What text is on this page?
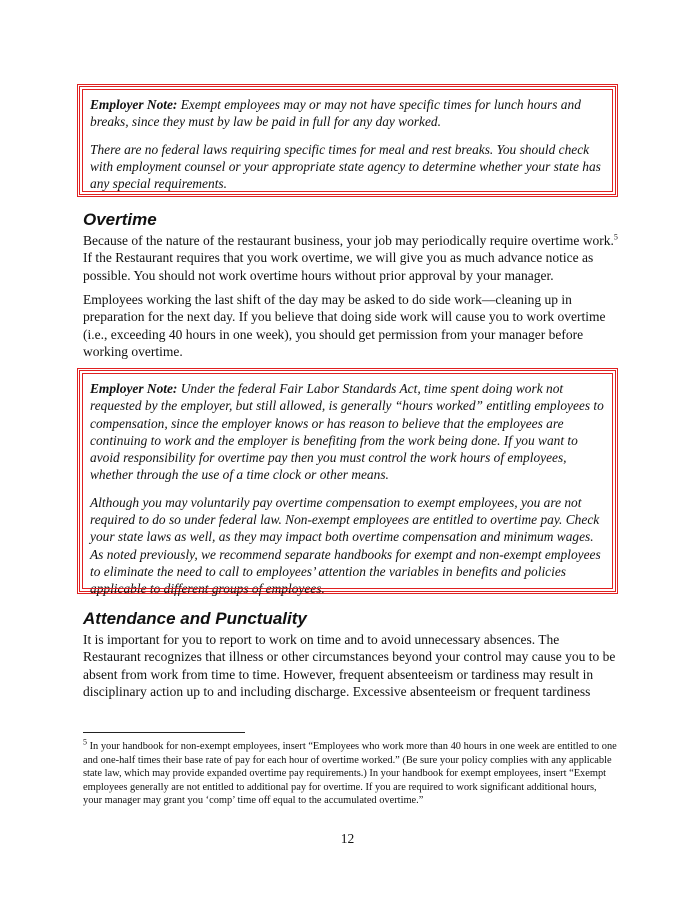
Employer Note: Exempt employees may or may not have specific times for lunch hours and breaks, since they must by law be paid in full for any day worked.

There are no federal laws requiring specific times for meal and rest breaks. You should check with employment counsel or your appropriate state agency to determine whether your state has any special requirements.

Overtime

Because of the nature of the restaurant business, your job may periodically require overtime work.$^5$ If the Restaurant requires that you work overtime, we will give you as much advance notice as possible. You should not work overtime hours without prior approval by your manager.

Employees working the last shift of the day may be asked to do side work—cleaning up in preparation for the next day. If you believe that doing side work will cause you to work overtime (i.e., exceeding 40 hours in one week), you should get permission from your manager before working overtime.

Employer Note: Under the federal Fair Labor Standards Act, time spent doing work not requested by the employer, but still allowed, is generally “hours worked” entitling employees to compensation, since the employer knows or has reason to believe that the employees are continuing to work and the employer is benefiting from the work being done. If you want to avoid responsibility for overtime pay then you must control the work hours of employees, whether through the use of a time clock or other means.

Although you may voluntarily pay overtime compensation to exempt employees, you are not required to do so under federal law. Non-exempt employees are entitled to overtime pay. Check your state laws as well, as they may impact both overtime compensation and minimum wages. As noted previously, we recommend separate handbooks for exempt and non-exempt employees to eliminate the need to call to employees’ attention the variables in benefits and policies applicable to different groups of employees.

Attendance and Punctuality

It is important for you to report to work on time and to avoid unnecessary absences. The Restaurant recognizes that illness or other circumstances beyond your control may cause you to be absent from work from time to time. However, frequent absenteeism or tardiness may result in disciplinary action up to and including discharge. Excessive absenteeism or frequent tardiness

$^5$ In your handbook for non-exempt employees, insert “Employees who work more than 40 hours in one week are entitled to one and one-half times their base rate of pay for each hour of overtime worked.” (Be sure your policy complies with any applicable state law, which may provide expanded overtime pay requirements.) In your handbook for exempt employees, insert “Exempt employees generally are not entitled to additional pay for overtime. If you are required to work significant additional hours, your manager may grant you ‘comp’ time off equal to the accumulated overtime.”

12
